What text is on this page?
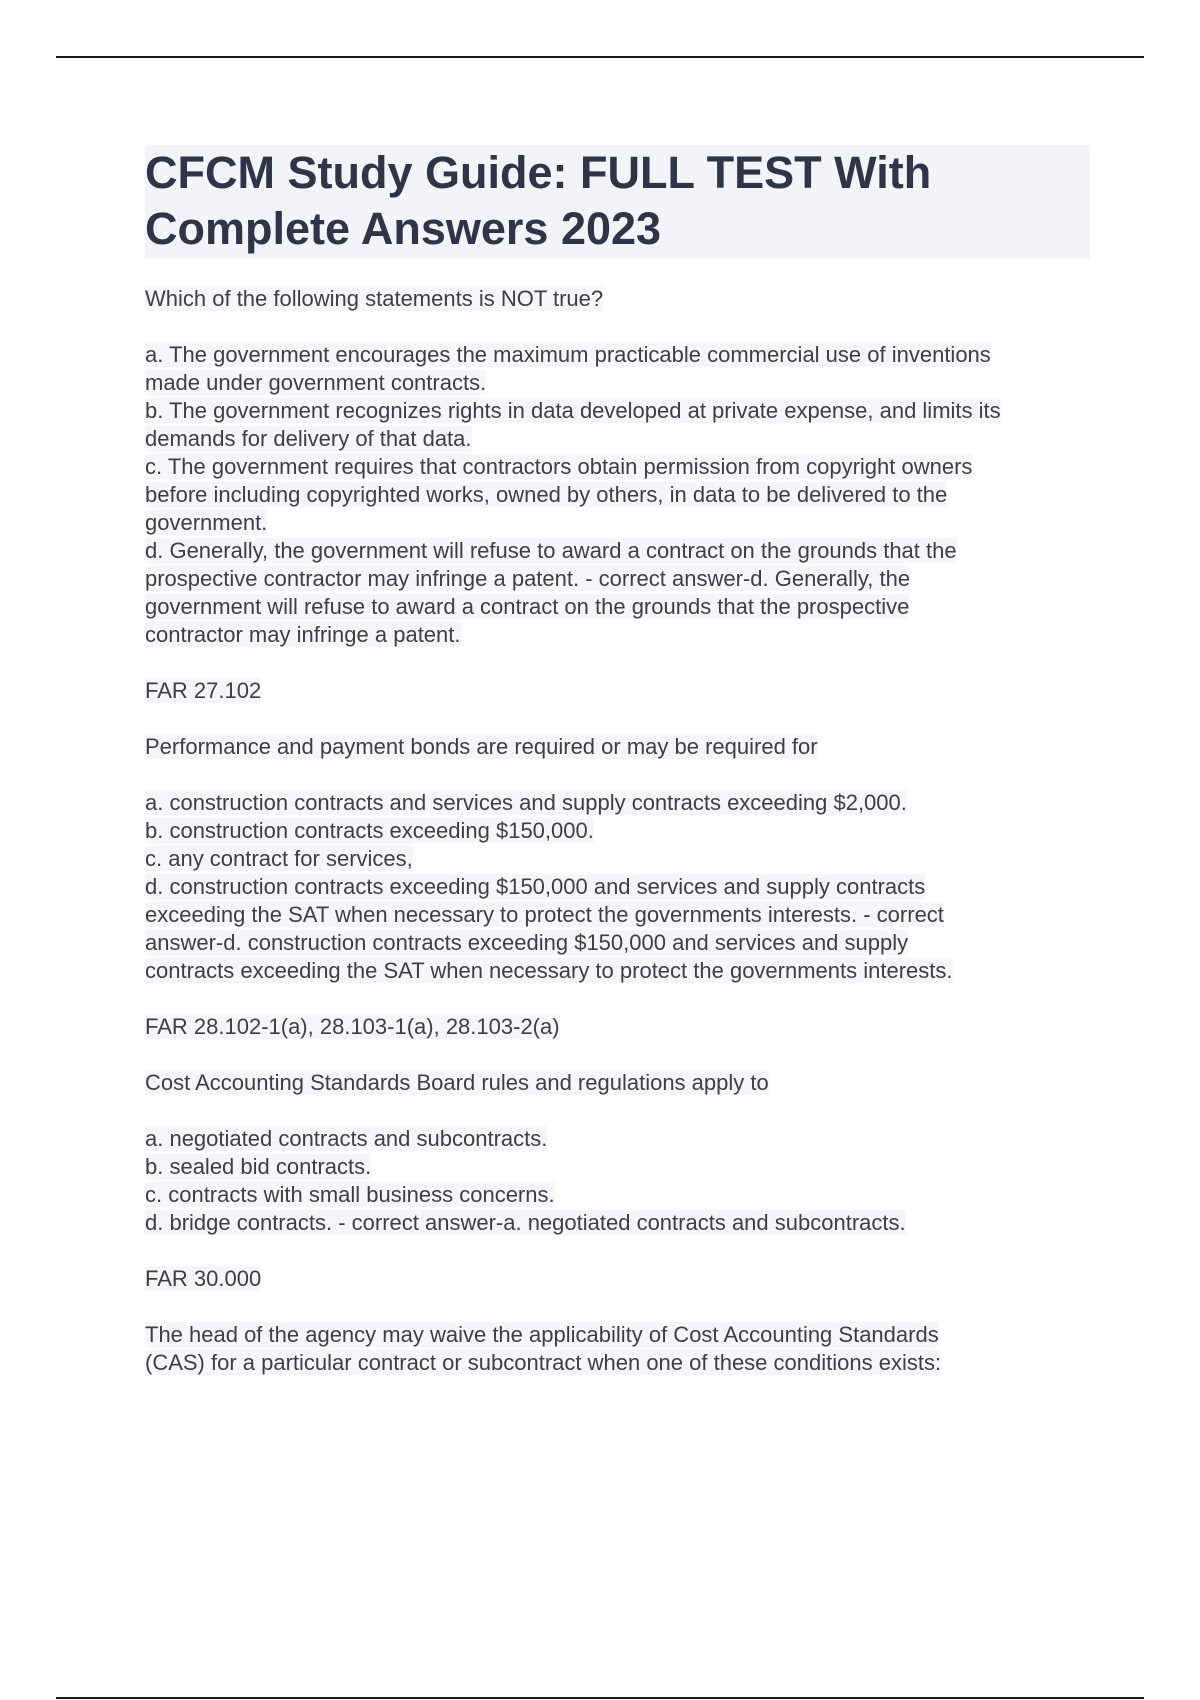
CFCM Study Guide: FULL TEST With
Complete Answers 2023

Which of the following statements is NOT true?

a. The government encourages the maximum practicable commercial use of inventions
made under government contracts.
b. The government recognizes rights in data developed at private expense, and limits its
demands for delivery of that data.
c. The government requires that contractors obtain permission from copyright owners
before including copyrighted works, owned by others, in data to be delivered to the
government.
d. Generally, the government will refuse to award a contract on the grounds that the
prospective contractor may infringe a patent. - correct answer-d. Generally, the
government will refuse to award a contract on the grounds that the prospective
contractor may infringe a patent.

FAR 27.102

Performance and payment bonds are required or may be required for

a. construction contracts and services and supply contracts exceeding $2,000.
b. construction contracts exceeding $150,000.
c. any contract for services,
d. construction contracts exceeding $150,000 and services and supply contracts
exceeding the SAT when necessary to protect the governments interests. - correct
answer-d. construction contracts exceeding $150,000 and services and supply
contracts exceeding the SAT when necessary to protect the governments interests.

FAR 28.102-1(a), 28.103-1(a), 28.103-2(a)

Cost Accounting Standards Board rules and regulations apply to

a. negotiated contracts and subcontracts.
b. sealed bid contracts.
c. contracts with small business concerns.
d. bridge contracts. - correct answer-a. negotiated contracts and subcontracts.

FAR 30.000

The head of the agency may waive the applicability of Cost Accounting Standards
(CAS) for a particular contract or subcontract when one of these conditions exists:
